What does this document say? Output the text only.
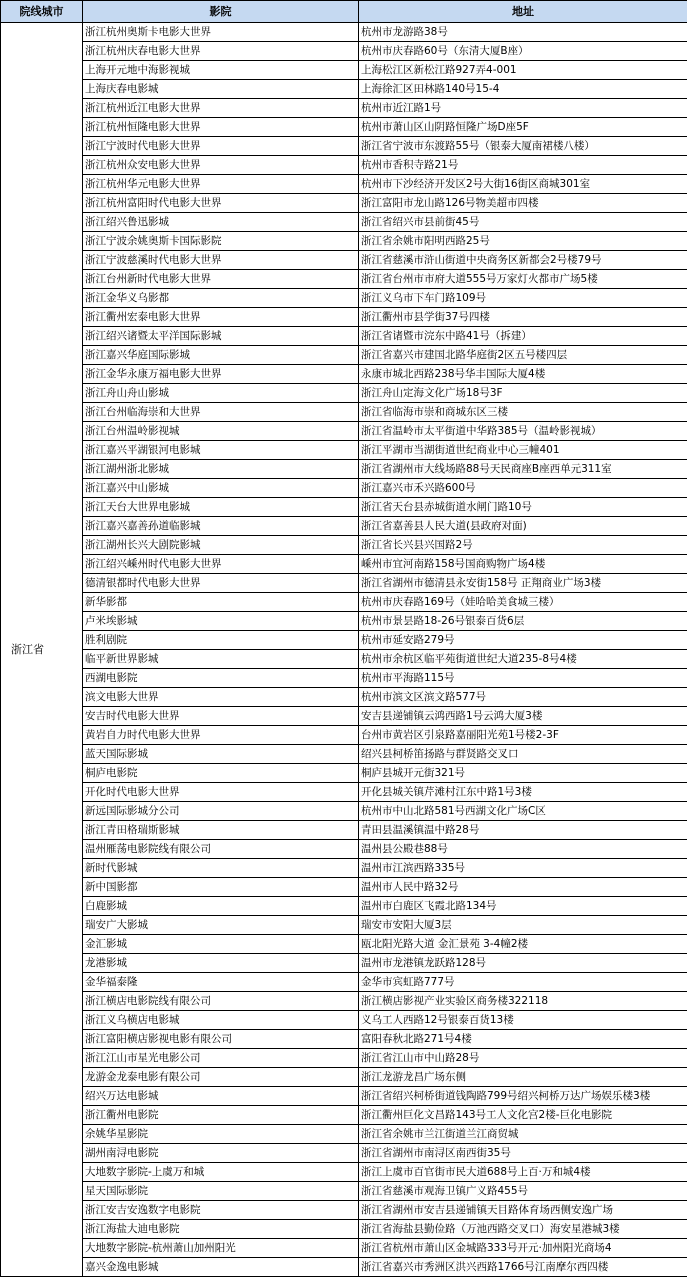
院线城市	影院	地址
浙江省	浙江杭州奥斯卡电影大世界	杭州市龙游路38号
	浙江杭州庆春电影大世界	杭州市庆春路60号（东清大厦B座）
	上海开元地中海影视城	上海松江区新松江路927弄4-001
	上海庆春电影城	上海徐汇区田林路140号15-4
	浙江杭州近江电影大世界	杭州市近江路1号
	浙江杭州恒隆电影大世界	杭州市萧山区山阴路恒隆广场D座5F
	浙江宁波时代电影大世界	浙江省宁波市东渡路55号（银泰大厦南裙楼八楼）
	浙江杭州众安电影大世界	杭州市香积寺路21号
	浙江杭州华元电影大世界	杭州市下沙经济开发区2号大街16街区商城301室
	浙江杭州富阳时代电影大世界	浙江富阳市龙山路126号物美超市四楼
	浙江绍兴鲁迅影城	浙江省绍兴市县前街45号
	浙江宁波余姚奥斯卡国际影院	浙江省余姚市阳明西路25号
	浙江宁波慈溪时代电影大世界	浙江省慈溪市浒山街道中央商务区新都会2号楼79号
	浙江台州新时代电影大世界	浙江省台州市市府大道555号万家灯火都市广场5楼
	浙江金华义乌影都	浙江义乌市下车门路109号
	浙江衢州宏泰电影大世界	浙江衢州市县学街37号四楼
	浙江绍兴诸暨太平洋国际影城	浙江省诸暨市浣东中路41号（拆建）
	浙江嘉兴华庭国际影城	浙江省嘉兴市建国北路华庭街2区五号楼四层
	浙江金华永康万福电影大世界	永康市城北西路238号华丰国际大厦4楼
	浙江舟山舟山影城	浙江舟山定海文化广场18号3F
	浙江台州临海崇和大世界	浙江省临海市崇和商城东区三楼
	浙江台州温岭影视城	浙江省温岭市太平街道中华路385号（温岭影视城）
	浙江嘉兴平湖银河电影城	浙江平湖市当湖街道世纪商业中心三幢401
	浙江湖州浙北影城	浙江省湖州市大线场路88号天民商座B座西单元311室
	浙江嘉兴中山影城	浙江嘉兴市禾兴路600号
	浙江天台大世界电影城	浙江省天台县赤城街道水闸门路10号
	浙江嘉兴嘉善孙道临影城	浙江省嘉善县人民大道(县政府对面)
	浙江湖州长兴大剧院影城	浙江省长兴县兴国路2号
	浙江绍兴嵊州时代电影大世界	嵊州市宜河南路158号国商购物广场4楼
	德清银都时代电影大世界	浙江省湖州市德清县永安街158号 正翔商业广场3楼
	新华影都	杭州市庆春路169号（娃哈哈美食城三楼）
	卢米埃影城	杭州市景昙路18-26号银泰百货6层
	胜利剧院	杭州市延安路279号
	临平新世界影城	杭州市余杭区临平苑街道世纪大道235-8号4楼
	西湖电影院	杭州市平海路115号
	滨文电影大世界	杭州市滨文区滨文路577号
	安吉时代电影大世界	安吉县递铺镇云鸿西路1号云鸿大厦3楼
	黄岩自力时代电影大世界	台州市黄岩区引泉路嘉丽阳光苑1号楼2-3F
	蓝天国际影城	绍兴县柯桥笛扬路与群贤路交叉口
	桐庐电影院	桐庐县城开元街321号
	开化时代电影大世界	开化县城关镇芹滩村江东中路1号3楼
	新远国际影城分公司	杭州市中山北路581号西湖文化广场C区
	浙江青田格瑞斯影城	青田县温溪镇温中路28号
	温州雁荡电影院线有限公司	温州县公殿巷88号
	新时代影城	温州市江滨西路335号
	新中国影都	温州市人民中路32号
	白鹿影城	温州市白鹿区飞霞北路134号
	瑞安广大影城	瑞安市安阳大厦3层
	金汇影城	瓯北阳光路大道 金汇景苑 3-4幢2楼
	龙港影城	温州市龙港镇龙跃路128号
	金华福泰隆	金华市宾虹路777号
	浙江横店电影院线有限公司	浙江横店影视产业实验区商务楼322118
	浙江义乌横店电影城	义乌工人西路12号银泰百货13楼
	浙江富阳横店影视电影有限公司	富阳春秋北路271号4楼
	浙江江山市星光电影公司	浙江省江山市中山路28号
	龙游金龙泰电影有限公司	浙江龙游龙昌广场东侧
	绍兴万达电影城	浙江省绍兴柯桥街道钱陶路799号绍兴柯桥万达广场娱乐楼3楼
	浙江衢州电影院	浙江衢州巨化文昌路143号工人文化宫2楼-巨化电影院
	余姚华星影院	浙江省余姚市兰江街道兰江商贸城
	湖州南浔电影院	浙江省湖州市南浔区南西街35号
	大地数字影院-上虞万和城	浙江上虞市百官街市民大道688号上百·万和城4楼
	星天国际影院	浙江省慈溪市观海卫镇广义路455号
	浙江安吉安逸数字电影院	浙江省湖州市安吉县递铺镇天目路体育场西侧安逸广场
	浙江海盐大迪电影院	浙江省海盐县勤俭路（万池西路交叉口）海安星港城3楼
	大地数字影院-杭州萧山加州阳光	浙江省杭州市萧山区金城路333号开元·加州阳光商场4
	嘉兴金逸电影城	浙江省嘉兴市秀洲区洪兴西路1766号江南摩尔西四楼
